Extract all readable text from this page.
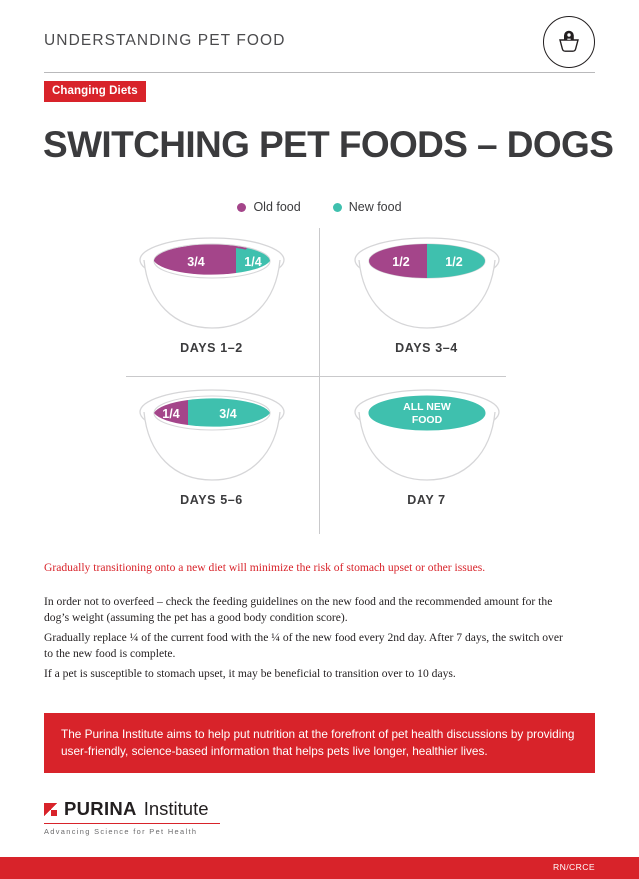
UNDERSTANDING PET FOOD
Changing Diets
SWITCHING PET FOODS – DOGS
Old food	New food
3/4	1/4
DAYS 1–2
1/2	1/2
DAYS 3–4
1/4	3/4
DAYS 5–6
ALL NEW
FOOD
DAY 7
Gradually transitioning onto a new diet will minimize the risk of stomach upset or other issues.

In order not to overfeed – check the feeding guidelines on the new food and the recommended amount for the dog’s weight (assuming the pet has a good body condition score).

Gradually replace ¼ of the current food with the ¼ of the new food every 2nd day. After 7 days, the switch over to the new food is complete.

If a pet is susceptible to stomach upset, it may be beneficial to transition over to 10 days.

The Purina Institute aims to help put nutrition at the forefront of pet health discussions by providing user-friendly, science-based information that helps pets live longer, healthier lives.
PURINA Institute
Advancing Science for Pet Health
RN/CRCE
